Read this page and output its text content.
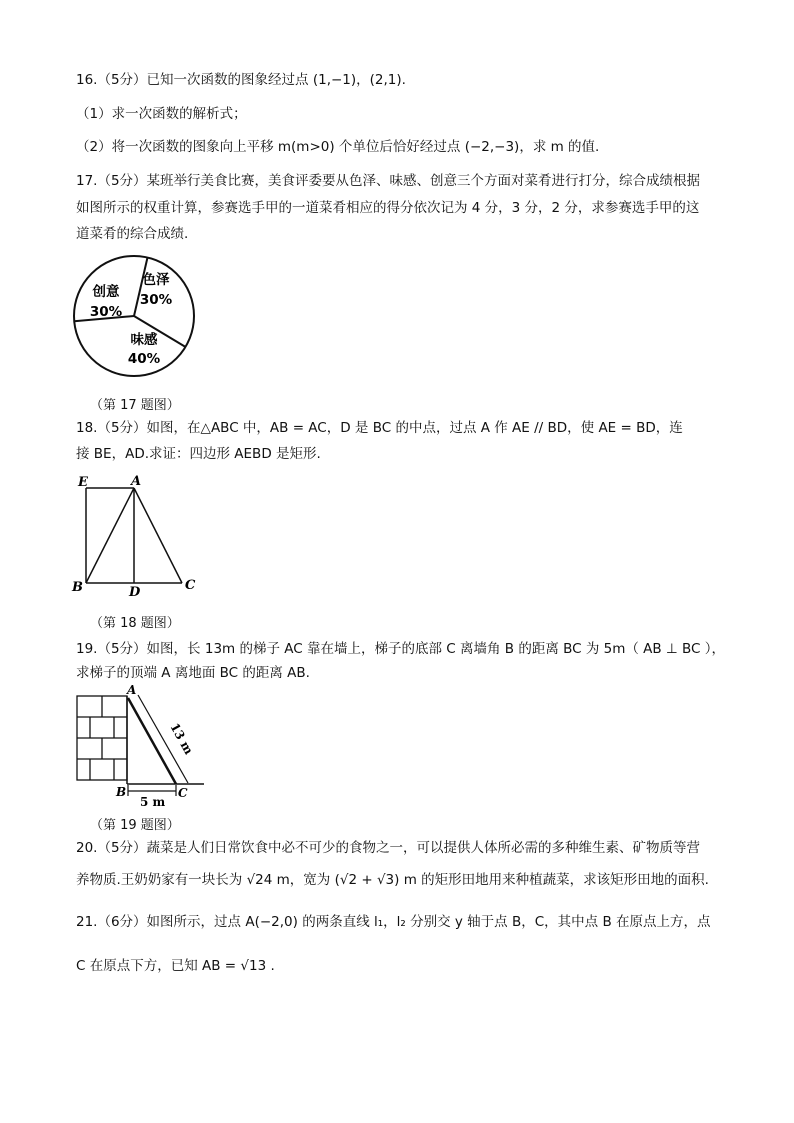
16.（5分）已知一次函数的图象经过点 (1,−1)，(2,1).
（1）求一次函数的解析式；
（2）将一次函数的图象向上平移 m(m>0) 个单位后恰好经过点 (−2,−3)，求 m 的值.
17.（5分）某班举行美食比赛，美食评委要从色泽、味感、创意三个方面对菜肴进行打分，综合成绩根据
如图所示的权重计算，参赛选手甲的一道菜肴相应的得分依次记为 4 分，3 分，2 分，求参赛选手甲的这
道菜肴的综合成绩.
色泽
30%
创意
30%
味感
40%
（第 17 题图）
18.（5分）如图，在△ABC 中，AB = AC，D 是 BC 的中点，过点 A 作 AE // BD，使 AE = BD，连
接 BE，AD.求证：四边形 AEBD 是矩形.
E	A
B	D	C
（第 18 题图）
19.（5分）如图，长 13m 的梯子 AC 靠在墙上，梯子的底部 C 离墙角 B 的距离 BC 为 5m（ AB ⊥ BC ），
求梯子的顶端 A 离地面 BC 的距离 AB.
A
B	C
13 m
5 m
（第 19 题图）
20.（5分）蔬菜是人们日常饮食中必不可少的食物之一，可以提供人体所必需的多种维生素、矿物质等营
养物质.王奶奶家有一块长为 √24 m，宽为 (√2 + √3) m 的矩形田地用来种植蔬菜，求该矩形田地的面积.
21.（6分）如图所示，过点 A(−2,0) 的两条直线 l₁，l₂ 分别交 y 轴于点 B，C，其中点 B 在原点上方，点
C 在原点下方，已知 AB = √13 .
